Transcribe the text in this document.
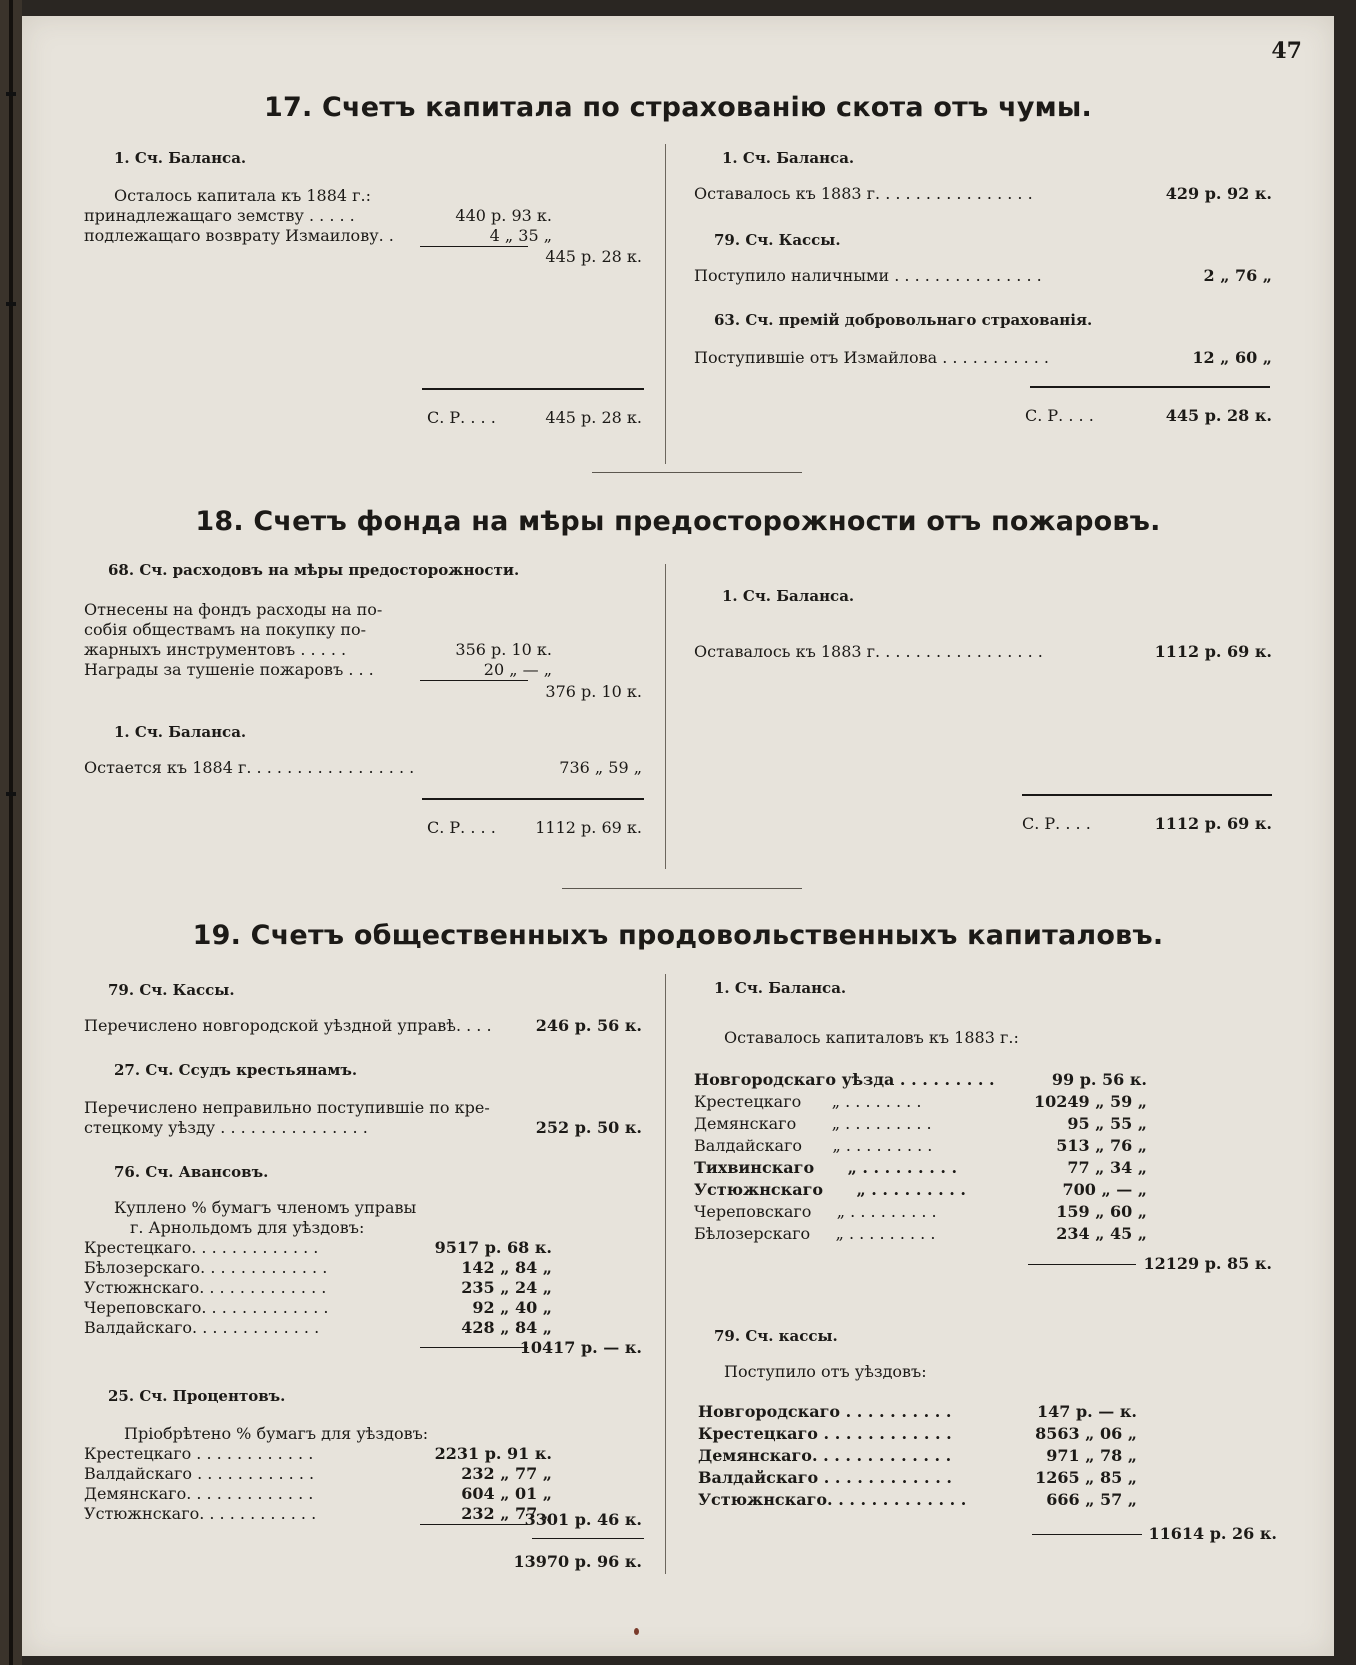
47
17. Счетъ капитала по страхованію скота отъ чумы.
1. Сч. Баланса.
Осталось капитала къ 1884 г.:
принадлежащаго земству . . . . .	440 р. 93 к.
подлежащаго возврату Измаилову. .	4 „ 35 „
445 р. 28 к.
С. Р. . . .	445 р. 28 к.
1. Сч. Баланса.
Оставалось къ 1883 г. . . . . . . . . . . . . . . .	429 р. 92 к.
79. Сч. Кассы.
Поступило наличными . . . . . . . . . . . . . . .	2 „ 76 „
63. Сч. премій добровольнаго страхованія.
Поступившіе отъ Измайлова . . . . . . . . . . .	12 „ 60 „
С. Р. . . .	445 р. 28 к.
18. Счетъ фонда на мѣры предосторожности отъ пожаровъ.
68. Сч. расходовъ на мѣры предосторожности.
Отнесены на фондъ расходы на по-
собія обществамъ на покупку по-
жарныхъ инструментовъ . . . . .	356 р. 10 к.
Награды за тушеніе пожаровъ . . .	20 „ — „
376 р. 10 к.
1. Сч. Баланса.
Остается къ 1884 г. . . . . . . . . . . . . . . . .	736 „ 59 „
С. Р. . . .	1112 р. 69 к.
1. Сч. Баланса.
Оставалось къ 1883 г. . . . . . . . . . . . . . . . .	1112 р. 69 к.
С. Р. . . .	1112 р. 69 к.
19. Счетъ общественныхъ продовольственныхъ капиталовъ.
79. Сч. Кассы.
Перечислено новгородской уѣздной управѣ. . . .	246 р. 56 к.
27. Сч. Ссудъ крестьянамъ.
Перечислено неправильно поступившіе по кре-
стецкому уѣзду . . . . . . . . . . . . . . .	252 р. 50 к.
76. Сч. Авансовъ.
Куплено % бумагъ членомъ управы
г. Арнольдомъ для уѣздовъ:
Крестецкаго. . . . . . . . . . . . .	9517 р. 68 к.
Бѣлозерскаго. . . . . . . . . . . . .	142 „ 84 „
Устюжнскаго. . . . . . . . . . . . .	235 „ 24 „
Череповскаго. . . . . . . . . . . . .	92 „ 40 „
Валдайскаго. . . . . . . . . . . . .	428 „ 84 „
10417 р. — к.
25. Сч. Процентовъ.
Пріобрѣтено % бумагъ для уѣздовъ:
Крестецкаго . . . . . . . . . . . .	2231 р. 91 к.
Валдайскаго . . . . . . . . . . . .	232 „ 77 „
Демянскаго. . . . . . . . . . . . .	604 „ 01 „
Устюжнскаго. . . . . . . . . . . .	232 „ 77 „
3301 р. 46 к.
13970 р. 96 к.
1. Сч. Баланса.
Оставалось капиталовъ къ 1883 г.:
Новгородскаго уѣзда . . . . . . . . .	99 р. 56 к.
Крестецкаго      „ . . . . . . . .	10249 „ 59 „
Демянскаго       „ . . . . . . . . .	95 „ 55 „
Валдайскаго      „ . . . . . . . . .	513 „ 76 „
Тихвинскаго      „ . . . . . . . . .	77 „ 34 „
Устюжнскаго      „ . . . . . . . . .	700 „ — „
Череповскаго     „ . . . . . . . . .	159 „ 60 „
Бѣлозерскаго     „ . . . . . . . . .	234 „ 45 „
12129 р. 85 к.
79. Сч. кассы.
Поступило отъ уѣздовъ:
Новгородскаго . . . . . . . . . .	147 р. — к.
Крестецкаго . . . . . . . . . . . .	8563 „ 06 „
Демянскаго. . . . . . . . . . . . .	971 „ 78 „
Валдайскаго . . . . . . . . . . . .	1265 „ 85 „
Устюжнскаго. . . . . . . . . . . . .	666 „ 57 „
11614 р. 26 к.
